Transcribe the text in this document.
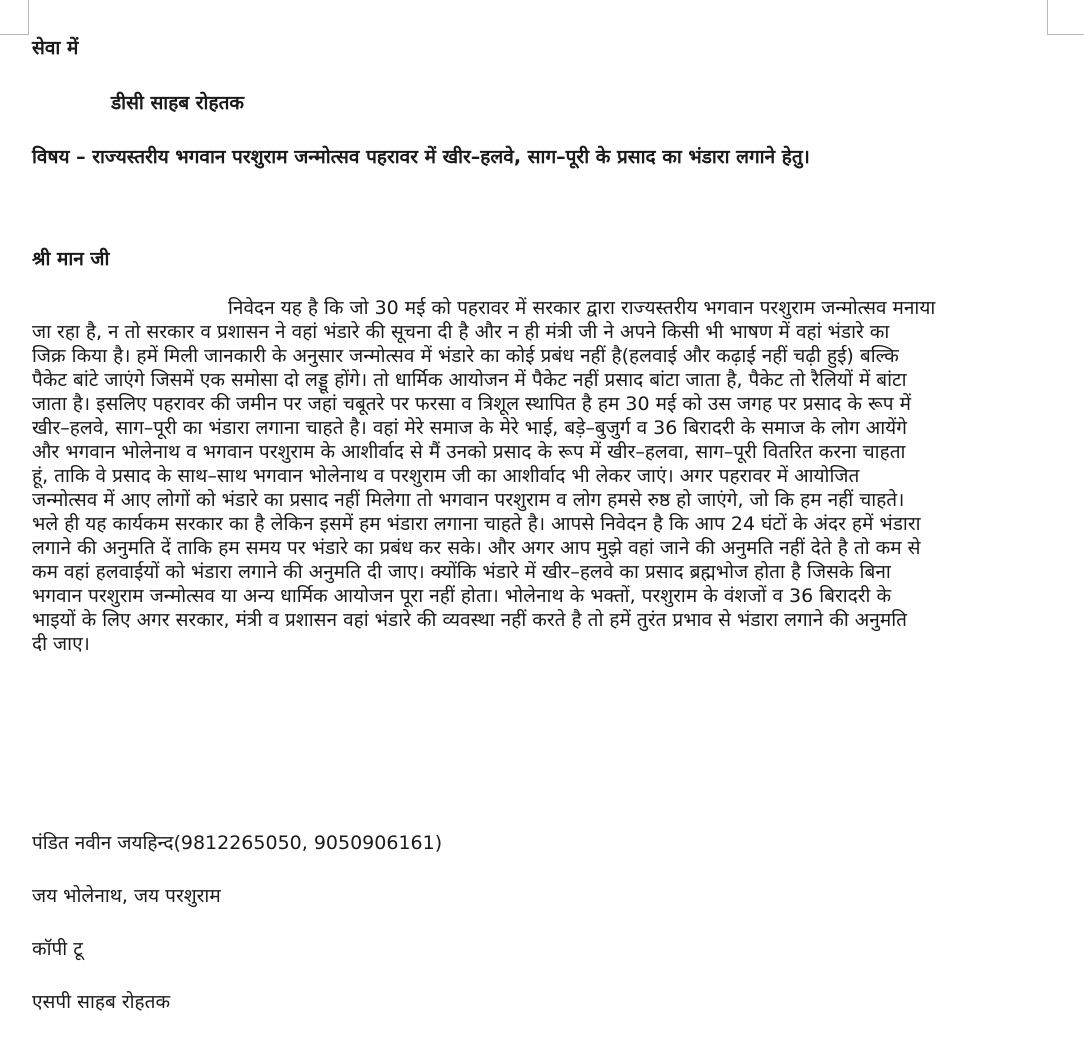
सेवा में
डीसी साहब रोहतक
विषय – राज्यस्तरीय भगवान परशुराम जन्मोत्सव पहरावर में खीर–हलवे, साग–पूरी के प्रसाद का भंडारा लगाने हेतु।
श्री मान जी
निवेदन यह है कि जो 30 मई को पहरावर में सरकार द्वारा राज्यस्तरीय भगवान परशुराम जन्मोत्सव मनाया
जा रहा है, न तो सरकार व प्रशासन ने वहां भंडारे की सूचना दी है और न ही मंत्री जी ने अपने किसी भी भाषण में वहां भंडारे का
जिक्र किया है। हमें मिली जानकारी के अनुसार जन्मोत्सव में भंडारे का कोई प्रबंध नहीं है(हलवाई और कढ़ाई नहीं चढ़ी हुई) बल्कि
पैकेट बांटे जाएंगे जिसमें एक समोसा दो लड्डू होंगे। तो धार्मिक आयोजन में पैकेट नहीं प्रसाद बांटा जाता है, पैकेट तो रैलियों में बांटा
जाता है। इसलिए पहरावर की जमीन पर जहां चबूतरे पर फरसा व त्रिशूल स्थापित है हम 30 मई को उस जगह पर प्रसाद के रूप में
खीर–हलवे, साग–पूरी का भंडारा लगाना चाहते है। वहां मेरे समाज के मेरे भाई, बड़े–बुजुर्ग व 36 बिरादरी के समाज के लोग आयेंगे
और भगवान भोलेनाथ व भगवान परशुराम के आशीर्वाद से मैं उनको प्रसाद के रूप में खीर–हलवा, साग–पूरी वितरित करना चाहता
हूं, ताकि वे प्रसाद के साथ–साथ भगवान भोलेनाथ व परशुराम जी का आशीर्वाद भी लेकर जाएं। अगर पहरावर में आयोजित
जन्मोत्सव में आए लोगों को भंडारे का प्रसाद नहीं मिलेगा तो भगवान परशुराम व लोग हमसे रुष्ठ हो जाएंगे, जो कि हम नहीं चाहते।
भले ही यह कार्यकम सरकार का है लेकिन इसमें हम भंडारा लगाना चाहते है। आपसे निवेदन है कि आप 24 घंटों के अंदर हमें भंडारा
लगाने की अनुमति दें ताकि हम समय पर भंडारे का प्रबंध कर सके। और अगर आप मुझे वहां जाने की अनुमति नहीं देते है तो कम से
कम वहां हलवाईयों को भंडारा लगाने की अनुमति दी जाए। क्योंकि भंडारे में खीर–हलवे का प्रसाद ब्रह्मभोज होता है जिसके बिना
भगवान परशुराम जन्मोत्सव या अन्य धार्मिक आयोजन पूरा नहीं होता। भोलेनाथ के भक्तों, परशुराम के वंशजों व 36 बिरादरी के
भाइयों के लिए अगर सरकार, मंत्री व प्रशासन वहां भंडारे की व्यवस्था नहीं करते है तो हमें तुरंत प्रभाव से भंडारा लगाने की अनुमति
दी जाए।
पंडित नवीन जयहिन्द(9812265050, 9050906161)
जय भोलेनाथ, जय परशुराम
कॉपी टू
एसपी साहब रोहतक
